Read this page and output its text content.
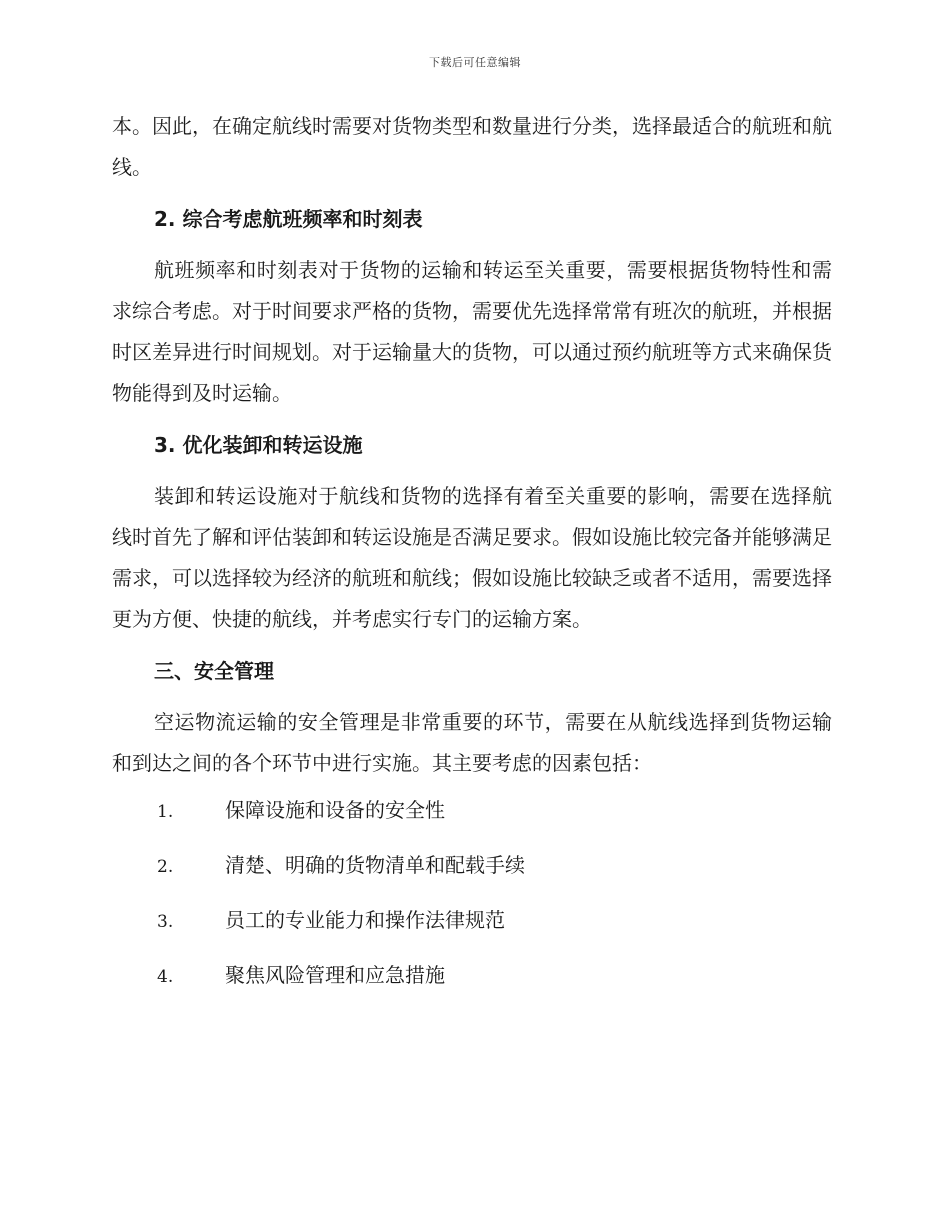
下载后可任意编辑

本。因此，在确定航线时需要对货物类型和数量进行分类，选择最适合的航班和航线。

2. 综合考虑航班频率和时刻表

航班频率和时刻表对于货物的运输和转运至关重要，需要根据货物特性和需求综合考虑。对于时间要求严格的货物，需要优先选择常常有班次的航班，并根据时区差异进行时间规划。对于运输量大的货物，可以通过预约航班等方式来确保货物能得到及时运输。

3. 优化装卸和转运设施

装卸和转运设施对于航线和货物的选择有着至关重要的影响，需要在选择航线时首先了解和评估装卸和转运设施是否满足要求。假如设施比较完备并能够满足需求，可以选择较为经济的航班和航线；假如设施比较缺乏或者不适用，需要选择更为方便、快捷的航线，并考虑实行专门的运输方案。

三、安全管理

空运物流运输的安全管理是非常重要的环节，需要在从航线选择到货物运输和到达之间的各个环节中进行实施。其主要考虑的因素包括：

1.	保障设施和设备的安全性
2.	清楚、明确的货物清单和配载手续
3.	员工的专业能力和操作法律规范
4.	聚焦风险管理和应急措施
